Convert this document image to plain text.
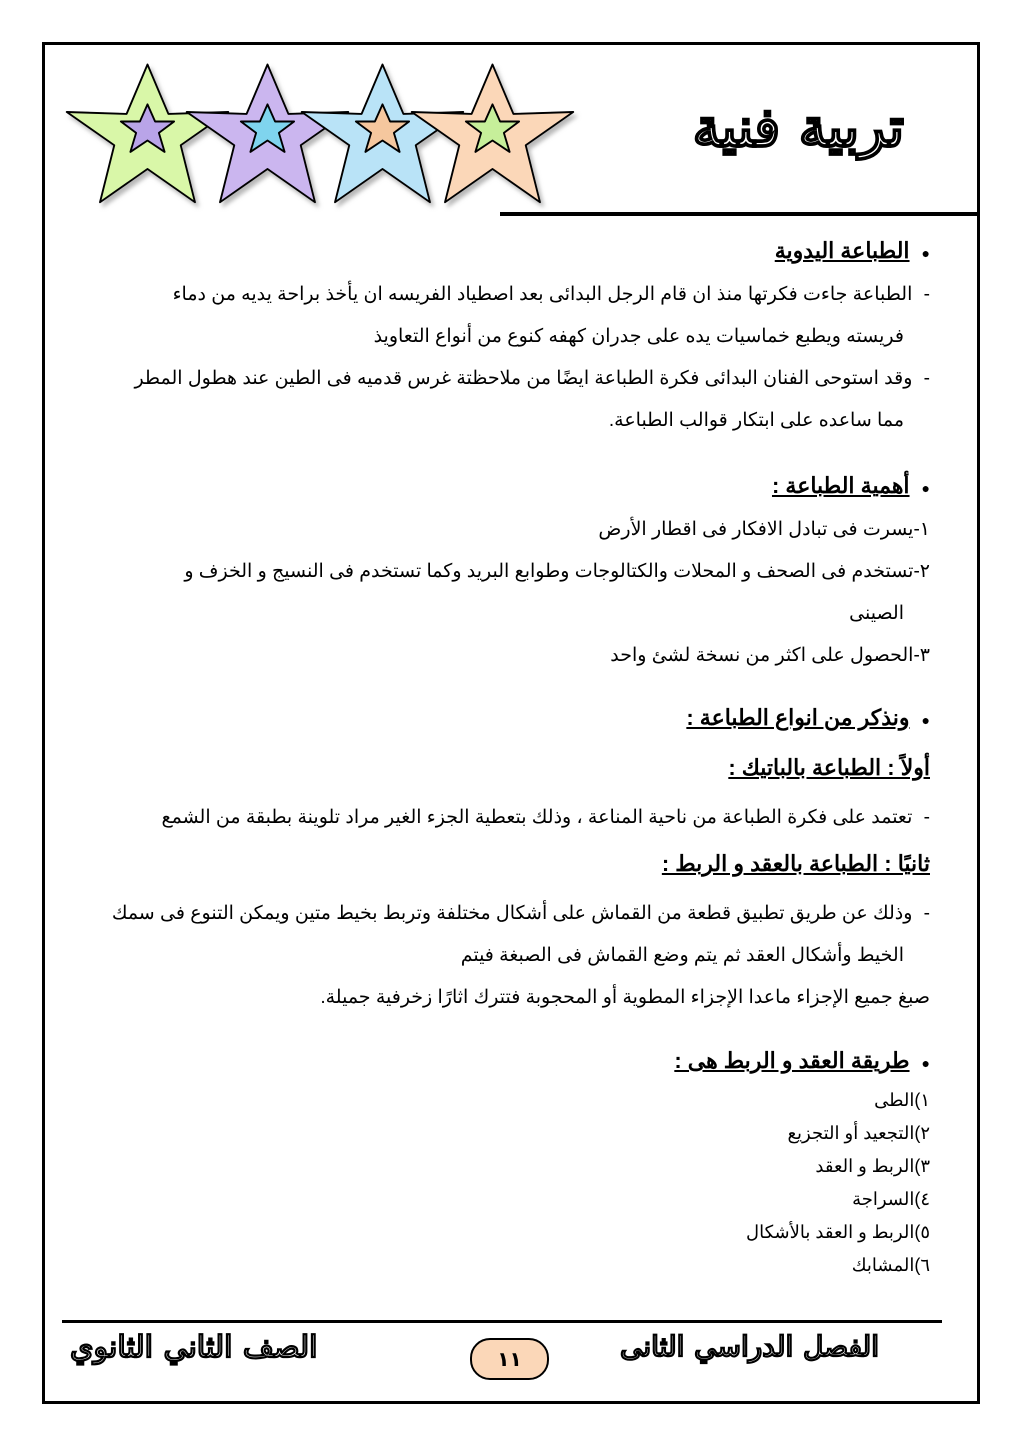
تربية فنية
● الطباعة اليدوية
- الطباعة جاءت فكرتها منذ ان قام الرجل البدائى بعد اصطياد الفريسه ان يأخذ براحة يديه من دماء
فريسته ويطبع خماسيات يده على جدران كهفه كنوع من أنواع التعاويذ
- وقد استوحى الفنان البدائى فكرة الطباعة ايضًا من ملاحظتة غرس قدميه فى الطين عند هطول المطر
مما ساعده على ابتكار قوالب الطباعة.
● أهمية الطباعة :
١-يسرت فى تبادل الافكار فى اقطار الأرض
٢-تستخدم فى الصحف و المحلات والكتالوجات وطوابع البريد وكما تستخدم فى النسيج و الخزف و
الصينى
٣-الحصول على اكثر من نسخة لشئ واحد
● ونذكر من انواع الطباعة :
أولاً : الطباعة بالباتيك :
- تعتمد على فكرة الطباعة من ناحية المناعة ، وذلك بتعطية الجزء الغير مراد تلوينة بطبقة من الشمع
ثانيًا : الطباعة بالعقد و الربط :
- وذلك عن طريق تطبيق قطعة من القماش على أشكال مختلفة وتربط بخيط متين ويمكن التنوع فى سمك
الخيط وأشكال العقد ثم يتم وضع القماش فى الصبغة فيتم
صبغ جميع الإجزاء ماعدا الإجزاء المطوية أو المحجوبة فتترك اثارًا زخرفية جميلة.
● طريقة العقد و الربط هى :
١)الطى
٢)التجعيد أو التجزيع
٣)الربط و العقد
٤)السراجة
٥)الربط و العقد بالأشكال
٦)المشابك
الفصل الدراسي الثانى
١١
الصف الثاني الثانوي
